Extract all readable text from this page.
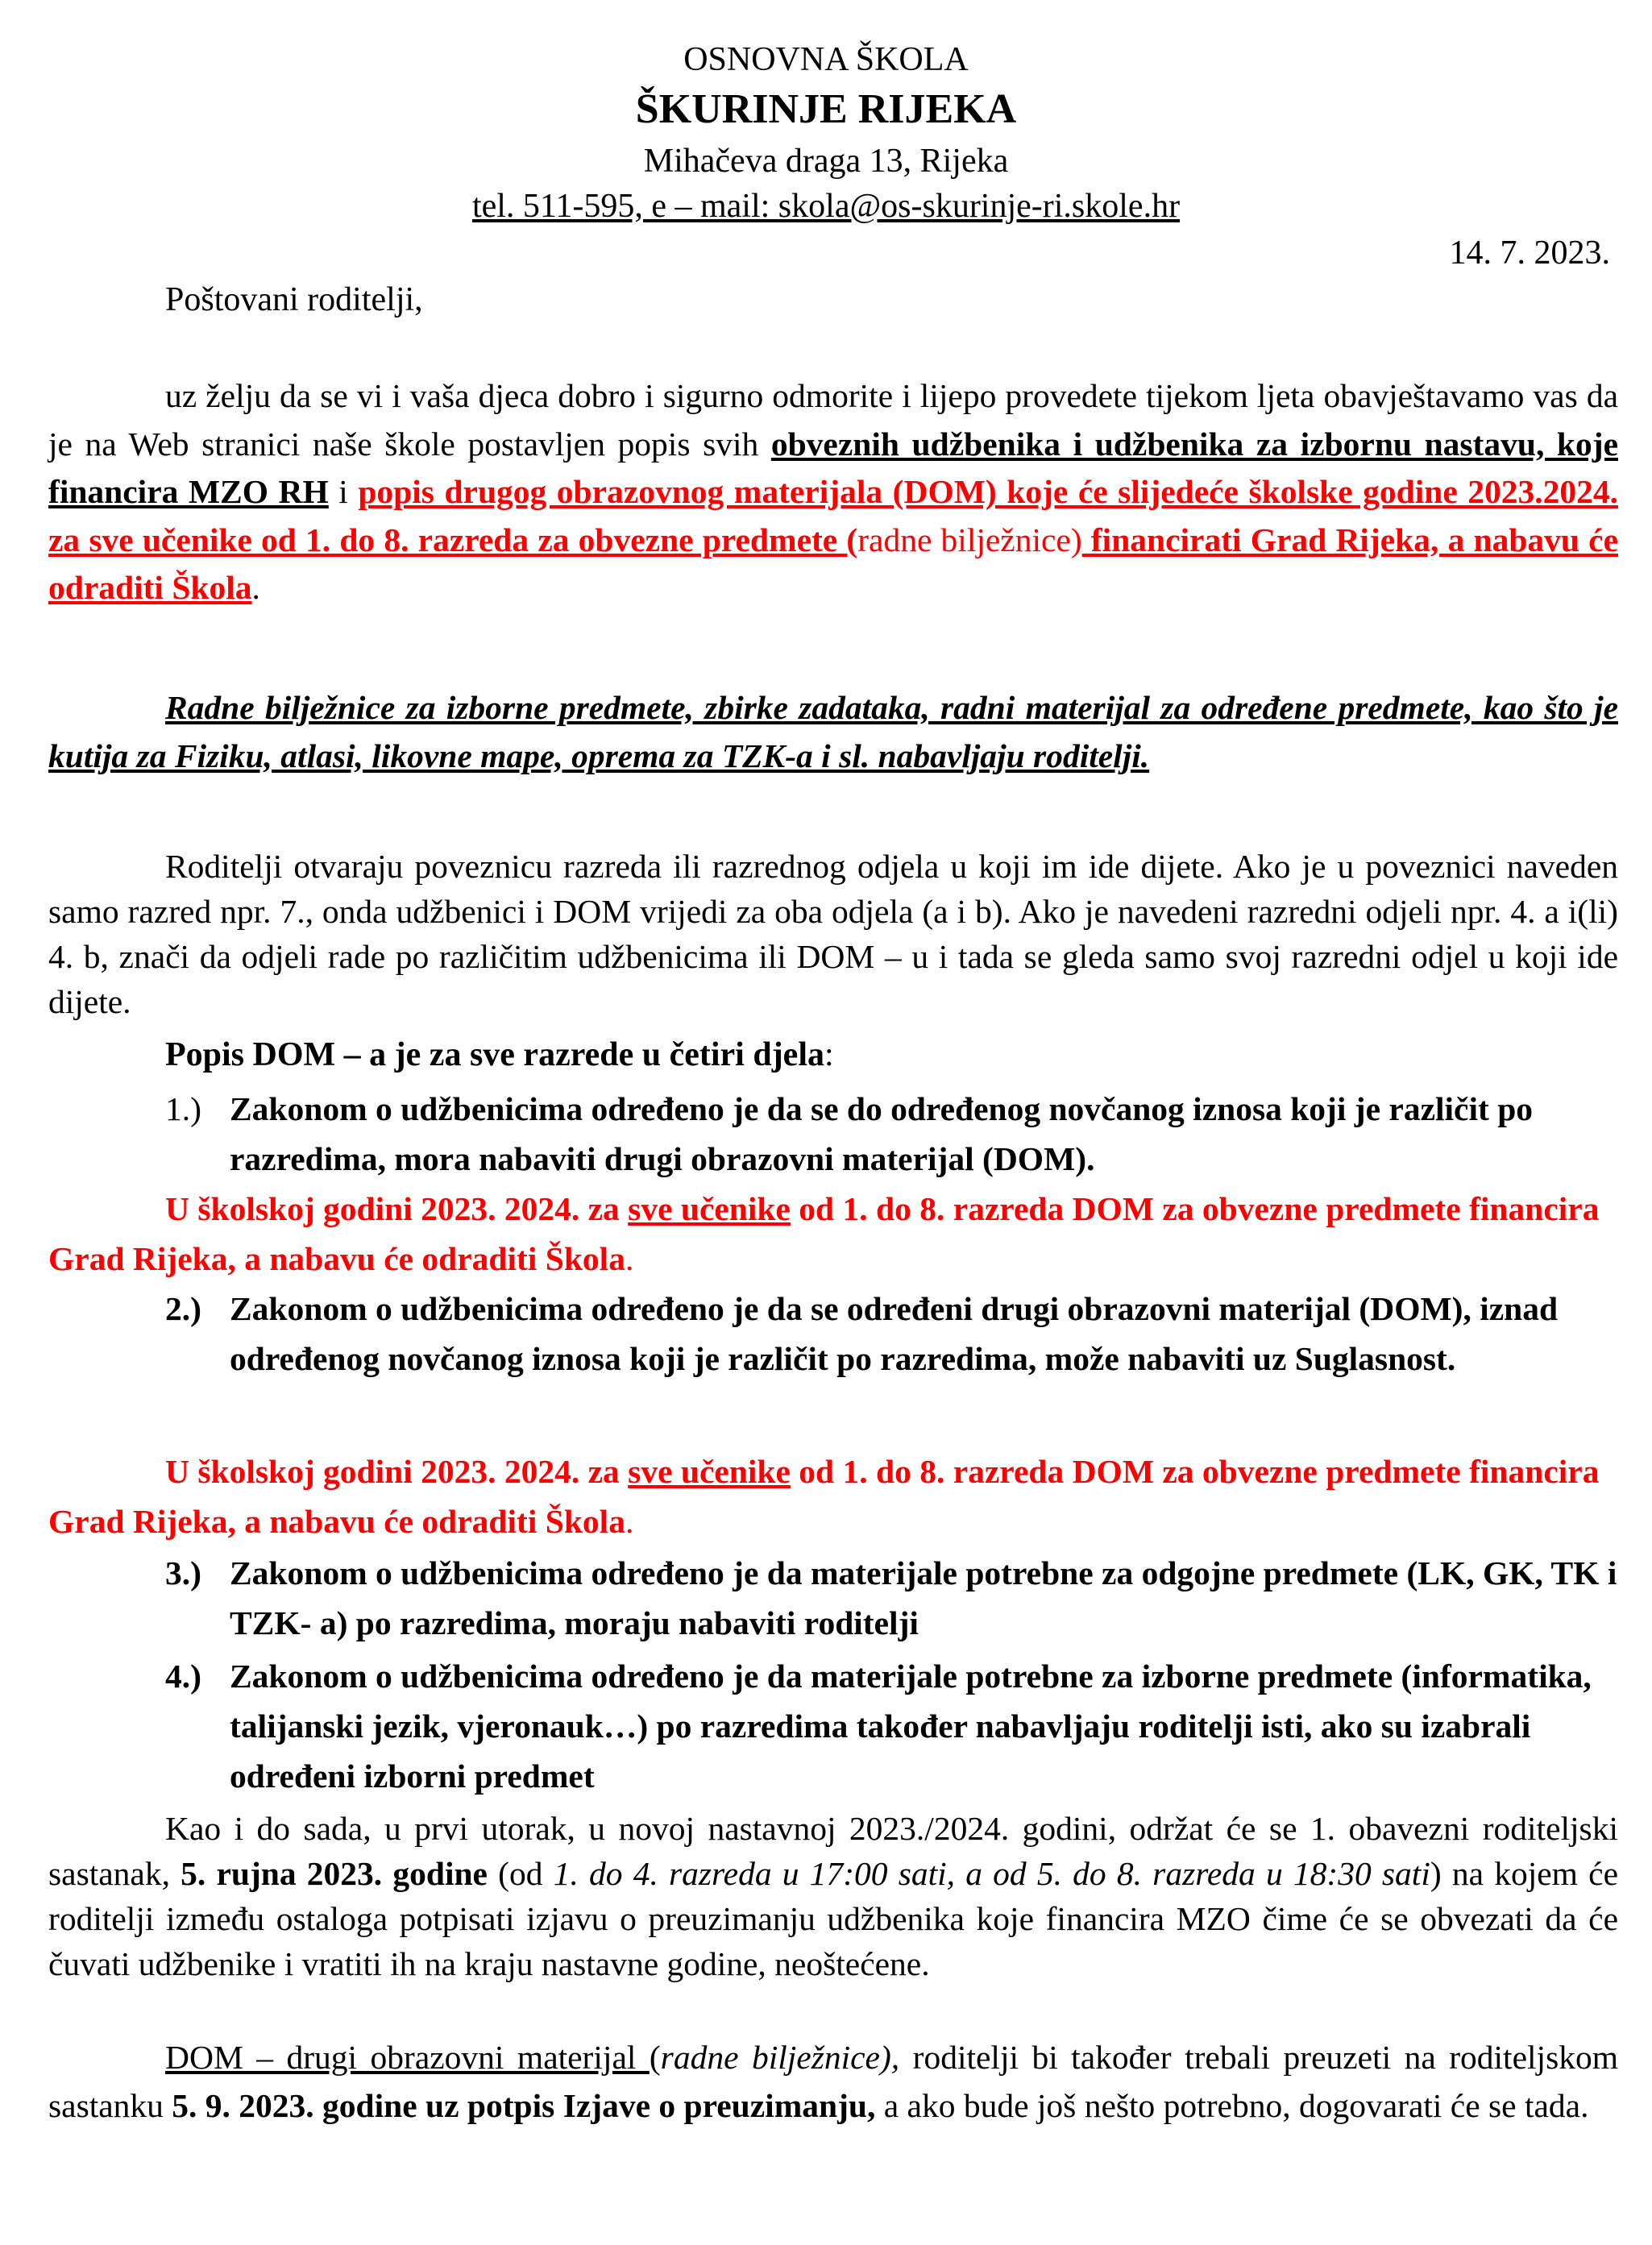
OSNOVNA ŠKOLA
ŠKURINJE RIJEKA
Mihačeva draga 13, Rijeka
tel. 511-595, e – mail: skola@os-skurinje-ri.skole.hr
14. 7. 2023.
Poštovani roditelji,
uz želju da se vi i vaša djeca dobro i sigurno odmorite i lijepo provedete tijekom ljeta obavještavamo vas da je na Web stranici naše škole postavljen popis svih obveznih udžbenika i udžbenika za izbornu nastavu, koje financira MZO RH i popis drugog obrazovnog materijala (DOM) koje će slijedeće školske godine 2023.2024. za sve učenike od 1. do 8. razreda za obvezne predmete (radne bilježnice) financirati Grad Rijeka, a nabavu će odraditi Škola.
Radne bilježnice za izborne predmete, zbirke zadataka, radni materijal za određene predmete, kao što je kutija za Fiziku, atlasi, likovne mape, oprema za TZK-a i sl. nabavljaju roditelji.
Roditelji otvaraju poveznicu razreda ili razrednog odjela u koji im ide dijete. Ako je u poveznici naveden samo razred npr. 7., onda udžbenici i DOM vrijedi za oba odjela (a i b). Ako je navedeni razredni odjeli npr. 4. a i(li) 4. b, znači da odjeli rade po različitim udžbenicima ili DOM – u i tada se gleda samo svoj razredni odjel u koji ide dijete.
Popis DOM – a je za sve razrede u četiri djela:
1.) Zakonom o udžbenicima određeno je da se do određenog novčanog iznosa koji je različit po razredima, mora nabaviti drugi obrazovni materijal (DOM).
U školskoj godini 2023. 2024. za sve učenike od 1. do 8. razreda DOM za obvezne predmete financira Grad Rijeka, a nabavu će odraditi Škola.
2.) Zakonom o udžbenicima određeno je da se određeni drugi obrazovni materijal (DOM), iznad određenog novčanog iznosa koji je različit po razredima, može nabaviti uz Suglasnost.
U školskoj godini 2023. 2024. za sve učenike od 1. do 8. razreda DOM za obvezne predmete financira Grad Rijeka, a nabavu će odraditi Škola.
3.) Zakonom o udžbenicima određeno je da materijale potrebne za odgojne predmete (LK, GK, TK i TZK- a) po razredima, moraju nabaviti roditelji
4.) Zakonom o udžbenicima određeno je da materijale potrebne za izborne predmete (informatika, talijanski jezik, vjeronauk…) po razredima također nabavljaju roditelji isti, ako su izabrali određeni izborni predmet
Kao i do sada, u prvi utorak, u novoj nastavnoj 2023./2024. godini, održat će se 1. obavezni roditeljski sastanak, 5. rujna 2023. godine (od 1. do 4. razreda u 17:00 sati, a od 5. do 8. razreda u 18:30 sati) na kojem će roditelji između ostaloga potpisati izjavu o preuzimanju udžbenika koje financira MZO čime će se obvezati da će čuvati udžbenike i vratiti ih na kraju nastavne godine, neoštećene.
DOM – drugi obrazovni materijal (radne bilježnice), roditelji bi također trebali preuzeti na roditeljskom sastanku 5. 9. 2023. godine uz potpis Izjave o preuzimanju, a ako bude još nešto potrebno, dogovarati će se tada.
